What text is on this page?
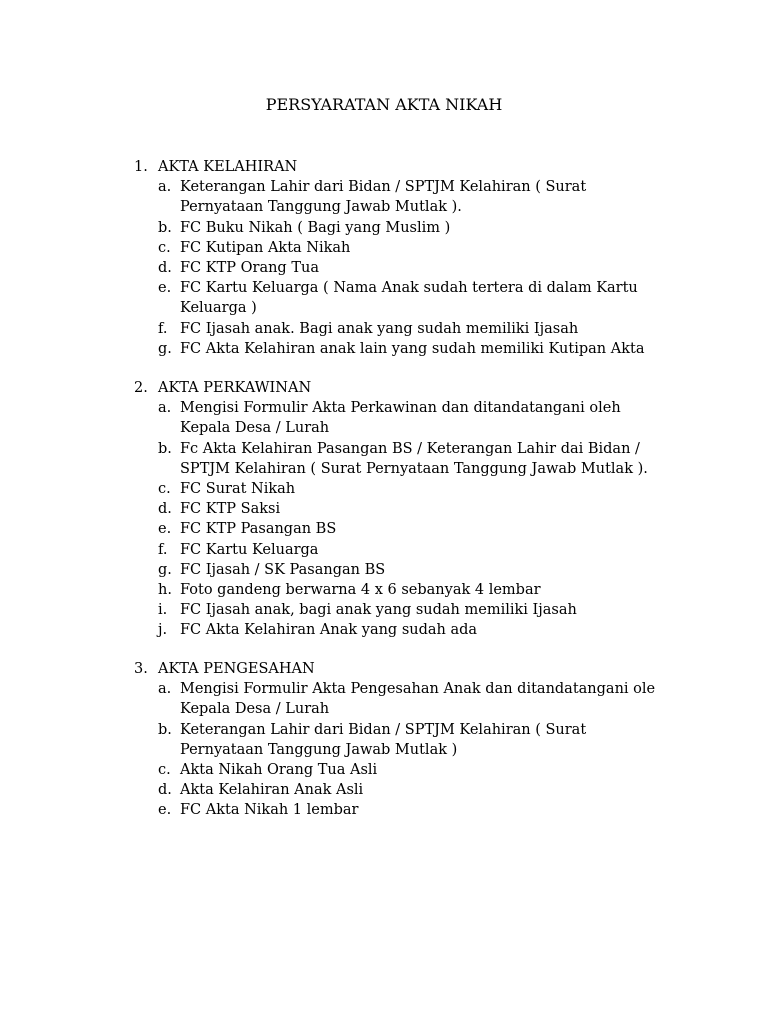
PERSYARATAN AKTA NIKAH
1. AKTA KELAHIRAN
a. Keterangan Lahir dari Bidan / SPTJM Kelahiran ( Surat
Pernyataan Tanggung Jawab Mutlak ).
b. FC Buku Nikah ( Bagi yang Muslim )
c. FC Kutipan Akta Nikah
d. FC KTP Orang Tua
e. FC Kartu Keluarga ( Nama Anak sudah tertera di dalam Kartu
Keluarga )
f. FC Ijasah anak. Bagi anak yang sudah memiliki Ijasah
g. FC Akta Kelahiran anak lain yang sudah memiliki Kutipan Akta
2. AKTA PERKAWINAN
a. Mengisi Formulir Akta Perkawinan dan ditandatangani oleh
Kepala Desa / Lurah
b. Fc Akta Kelahiran Pasangan BS / Keterangan Lahir dai Bidan /
SPTJM Kelahiran ( Surat Pernyataan Tanggung Jawab Mutlak ).
c. FC Surat Nikah
d. FC KTP Saksi
e. FC KTP Pasangan BS
f. FC Kartu Keluarga
g. FC Ijasah / SK Pasangan BS
h. Foto gandeng berwarna 4 x 6 sebanyak 4 lembar
i. FC Ijasah anak, bagi anak yang sudah memiliki Ijasah
j. FC Akta Kelahiran Anak yang sudah ada
3. AKTA PENGESAHAN
a. Mengisi Formulir Akta Pengesahan Anak dan ditandatangani ole
Kepala Desa / Lurah
b. Keterangan Lahir dari Bidan / SPTJM Kelahiran ( Surat
Pernyataan Tanggung Jawab Mutlak )
c. Akta Nikah Orang Tua Asli
d. Akta Kelahiran Anak Asli
e. FC Akta Nikah 1 lembar
